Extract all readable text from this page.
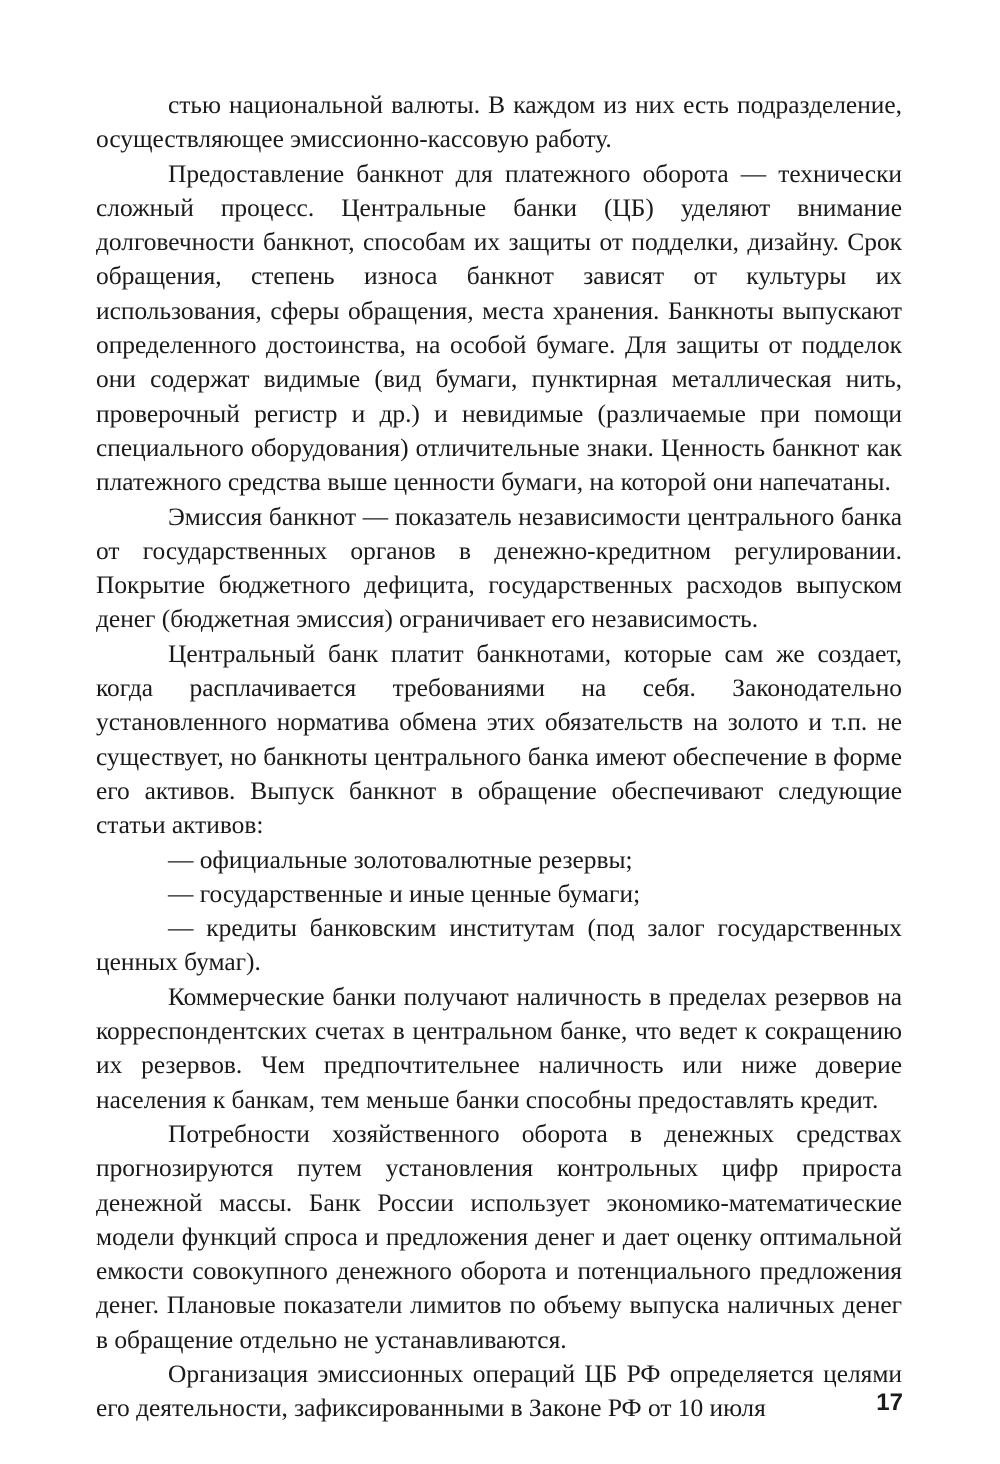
стью национальной валюты. В каждом из них есть подразделение, осуществляющее эмиссионно-кассовую работу.

Предоставление банкнот для платежного оборота — технически сложный процесс. Центральные банки (ЦБ) уделяют внимание долговечности банкнот, способам их защиты от подделки, дизайну. Срок обращения, степень износа банкнот зависят от культуры их использования, сферы обращения, места хранения. Банкноты выпускают определенного достоинства, на особой бумаге. Для защиты от подделок они содержат видимые (вид бумаги, пунктирная металлическая нить, проверочный регистр и др.) и невидимые (различаемые при помощи специального оборудования) отличительные знаки. Ценность банкнот как платежного средства выше ценности бумаги, на которой они напечатаны.

Эмиссия банкнот — показатель независимости центрального банка от государственных органов в денежно-кредитном регулировании. Покрытие бюджетного дефицита, государственных расходов выпуском денег (бюджетная эмиссия) ограничивает его независимость.

Центральный банк платит банкнотами, которые сам же создает, когда расплачивается требованиями на себя. Законодательно установленного норматива обмена этих обязательств на золото и т.п. не существует, но банкноты центрального банка имеют обеспечение в форме его активов. Выпуск банкнот в обращение обеспечивают следующие статьи активов:

— официальные золотовалютные резервы;

— государственные и иные ценные бумаги;

— кредиты банковским институтам (под залог государственных ценных бумаг).

Коммерческие банки получают наличность в пределах резервов на корреспондентских счетах в центральном банке, что ведет к сокращению их резервов. Чем предпочтительнее наличность или ниже доверие населения к банкам, тем меньше банки способны предоставлять кредит.

Потребности хозяйственного оборота в денежных средствах прогнозируются путем установления контрольных цифр прироста денежной массы. Банк России использует экономико-математические модели функций спроса и предложения денег и дает оценку оптимальной емкости совокупного денежного оборота и потенциального предложения денег. Плановые показатели лимитов по объему выпуска наличных денег в обращение отдельно не устанавливаются.

Организация эмиссионных операций ЦБ РФ определяется целями его деятельности, зафиксированными в Законе РФ от 10 июля	17
